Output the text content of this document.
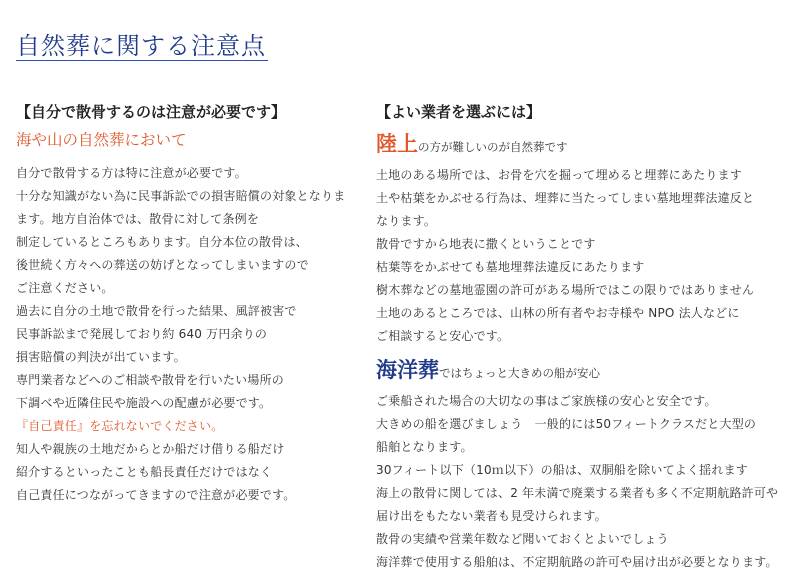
自然葬に関する注意点
【自分で散骨するのは注意が必要です】
海や山の自然葬において
自分で散骨する方は特に注意が必要です。
十分な知識がない為に民事訴訟での損害賠償の対象となりま
ます。地方自治体では、散骨に対して条例を
制定しているところもあります。自分本位の散骨は、
後世続く方々への葬送の妨げとなってしまいますので
ご注意ください。
過去に自分の土地で散骨を行った結果、風評被害で
民事訴訟まで発展しており約 640 万円余りの
損害賠償の判決が出ています。
専門業者などへのご相談や散骨を行いたい場所の
下調べや近隣住民や施設への配慮が必要です。
『自己責任』を忘れないでください。
知人や親族の土地だからとか船だけ借りる船だけ
紹介するといったことも船長責任だけではなく
自己責任につながってきますので注意が必要です。
【よい業者を選ぶには】
陸上の方が難しいのが自然葬です
土地のある場所では、お骨を穴を掘って埋めると埋葬にあたります
土や枯葉をかぶせる行為は、埋葬に当たってしまい墓地埋葬法違反と
なります。
散骨ですから地表に撒くということです
枯葉等をかぶせても墓地埋葬法違反にあたります
樹木葬などの墓地霊園の許可がある場所ではこの限りではありません
土地のあるところでは、山林の所有者やお寺様や NPO 法人などに
ご相談すると安心です。
海洋葬ではちょっと大きめの船が安心
ご乗船された場合の大切なの事はご家族様の安心と安全です。
大きめの船を選びましょう　一般的には50フィートクラスだと大型の
船舶となります。
30フィート以下（10ｍ以下）の船は、双胴船を除いてよく揺れます
海上の散骨に関しては、2 年未満で廃業する業者も多く不定期航路許可や
届け出をもたない業者も見受けられます。
散骨の実績や営業年数など聞いておくとよいでしょう
海洋葬で使用する船舶は、不定期航路の許可や届け出が必要となります。
